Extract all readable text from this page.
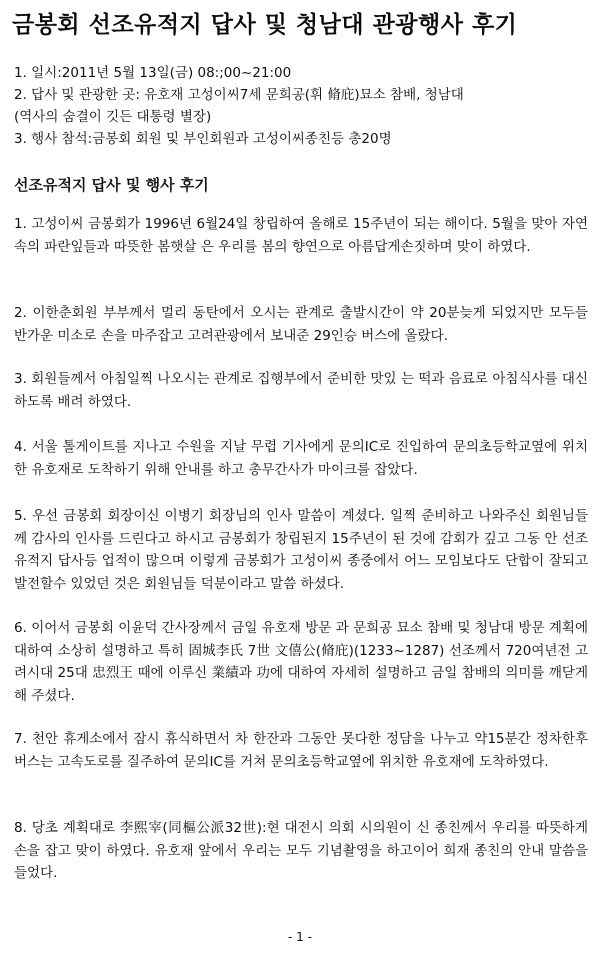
금봉회 선조유적지 답사 및 청남대 관광행사 후기
1. 일시:2011년 5월 13일(금) 08:;00~21:00
2. 답사 및 관광한 곳: 유호재 고성이씨7세 문희공(휘 脩庇)묘소 참배, 청남대
(역사의 숨결이 깃든 대통령 별장)
3. 행사 참석:금봉회 회원 및 부인회원과 고성이씨종친등 총20명
선조유적지 답사 및 행사 후기
1. 고성이씨 금봉회가 1996년 6월24일 창립하여 올해로 15주년이 되는 해이다. 5월을 맞아 자연속의 파란잎들과 따뜻한 봄햇살 은 우리를 봄의 향연으로 아름답게손짓하며 맞이 하였다.
2. 이한춘회원 부부께서 멀리 동탄에서 오시는 관계로 출발시간이 약 20분늦게 되었지만 모두들 반가운 미소로 손을 마주잡고 고려관광에서 보내준 29인승 버스에 올랐다.
3. 회원들께서 아침일찍 나오시는 관계로 집행부에서 준비한 맛있 는 떡과 음료로 아침식사를 대신하도록 배려 하였다.
4. 서울 톨게이트를 지나고 수원을 지날 무렵 기사에게 문의IC로 진입하여 문의초등학교옆에 위치한 유호재로 도착하기 위해 안내를 하고 총무간사가 마이크를 잡았다.
5. 우선 금봉회 회장이신 이병기 회장님의 인사 말씀이 계셨다. 일찍 준비하고 나와주신 회원님들께 감사의 인사를 드린다고 하시고 금봉회가 창립된지 15주년이 된 것에 감회가 깊고 그동 안 선조 유적지 답사등 업적이 많으며 이렇게 금봉회가 고성이씨 종중에서 어느 모임보다도 단합이 잘되고 발전할수 있었던 것은 회원님들 덕분이라고 말씀 하셨다.
6. 이어서 금봉회 이윤덕 간사장께서 금일 유호재 방문 과 문희공 묘소 참배 및 청남대 방문 계획에 대하여 소상히 설명하고 특히 固城李氏 7世 文僖公(脩庇)(1233~1287) 선조께서 720여년전 고려시대 25대 忠烈王 때에 이루신 業績과 功에 대하여 자세히 설명하고 금일 참배의 의미를 깨닫게 해 주셨다.
7. 천안 휴게소에서 잠시 휴식하면서 차 한잔과 그동안 못다한 정담을 나누고 약15분간 정차한후 버스는 고속도로를 질주하여 문의IC를 거쳐 문의초등학교옆에 위치한 유호재에 도착하였다.
8. 당초 계획대로 李熙宰(同樞公派32世):현 대전시 의회 시의원이 신 종친께서 우리를 따뜻하게 손을 잡고 맞이 하였다. 유호재 앞에서 우리는 모두 기념촬영을 하고이어 희재 종친의 안내 말씀을 들었다.
- 1 -
